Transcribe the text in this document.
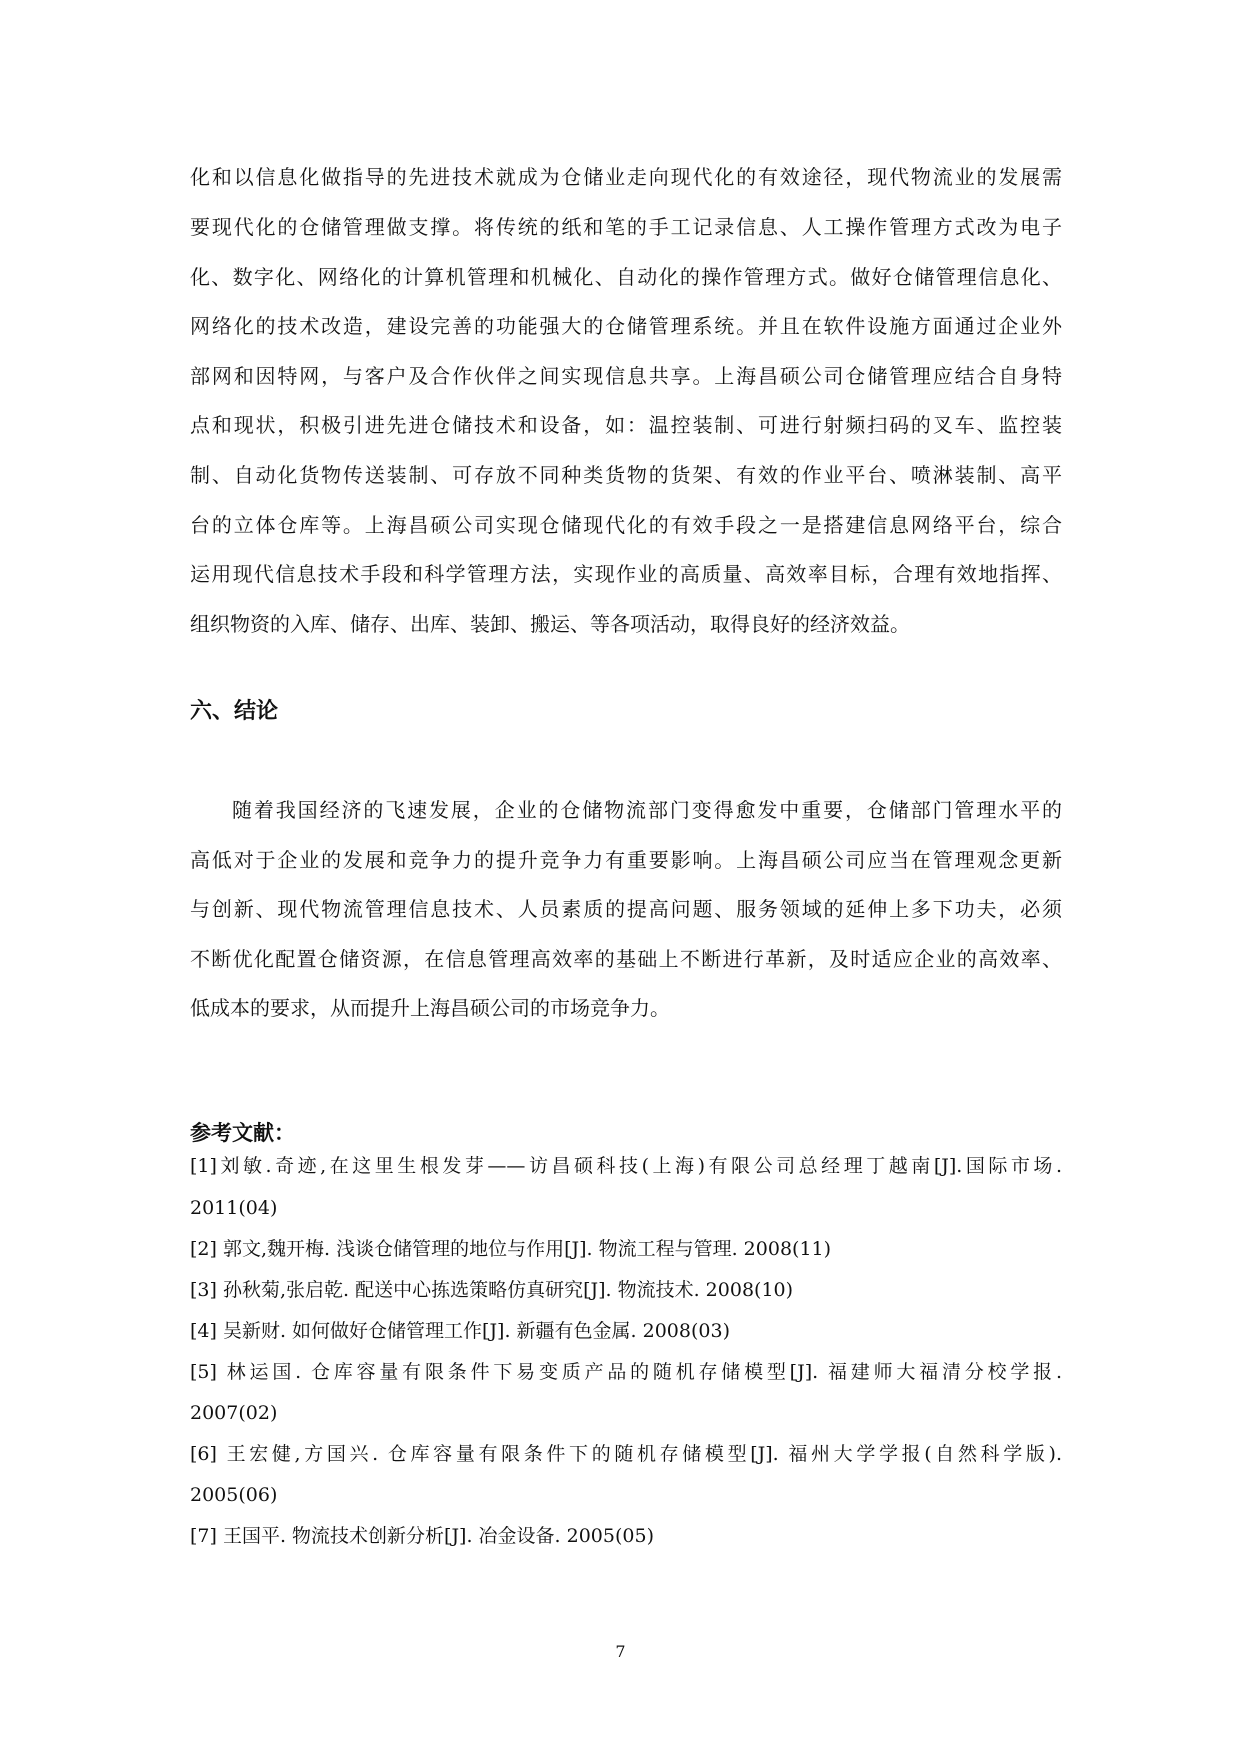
化和以信息化做指导的先进技术就成为仓储业走向现代化的有效途径，现代物流业的发展需
要现代化的仓储管理做支撑。将传统的纸和笔的手工记录信息、人工操作管理方式改为电子
化、数字化、网络化的计算机管理和机械化、自动化的操作管理方式。做好仓储管理信息化、
网络化的技术改造，建设完善的功能强大的仓储管理系统。并且在软件设施方面通过企业外
部网和因特网，与客户及合作伙伴之间实现信息共享。上海昌硕公司仓储管理应结合自身特
点和现状，积极引进先进仓储技术和设备，如：温控装制、可进行射频扫码的叉车、监控装
制、自动化货物传送装制、可存放不同种类货物的货架、有效的作业平台、喷淋装制、高平
台的立体仓库等。上海昌硕公司实现仓储现代化的有效手段之一是搭建信息网络平台，综合
运用现代信息技术手段和科学管理方法，实现作业的高质量、高效率目标，合理有效地指挥、
组织物资的入库、储存、出库、装卸、搬运、等各项活动，取得良好的经济效益。
六、结论
随着我国经济的飞速发展，企业的仓储物流部门变得愈发中重要，仓储部门管理水平的
高低对于企业的发展和竞争力的提升竞争力有重要影响。上海昌硕公司应当在管理观念更新
与创新、现代物流管理信息技术、人员素质的提高问题、服务领域的延伸上多下功夫，必须
不断优化配置仓储资源，在信息管理高效率的基础上不断进行革新，及时适应企业的高效率、
低成本的要求，从而提升上海昌硕公司的市场竞争力。
参考文献：
[1]刘敏.奇迹,在这里生根发芽——访昌硕科技(上海)有限公司总经理丁越南[J].国际市场.
2011(04)
[2] 郭文,魏开梅. 浅谈仓储管理的地位与作用[J]. 物流工程与管理. 2008(11)
[3] 孙秋菊,张启乾. 配送中心拣选策略仿真研究[J]. 物流技术. 2008(10)
[4] 吴新财. 如何做好仓储管理工作[J]. 新疆有色金属. 2008(03)
[5] 林运国. 仓库容量有限条件下易变质产品的随机存储模型[J]. 福建师大福清分校学报.
2007(02)
[6] 王宏健,方国兴. 仓库容量有限条件下的随机存储模型[J]. 福州大学学报(自然科学版).
2005(06)
[7] 王国平. 物流技术创新分析[J]. 冶金设备. 2005(05)
7
